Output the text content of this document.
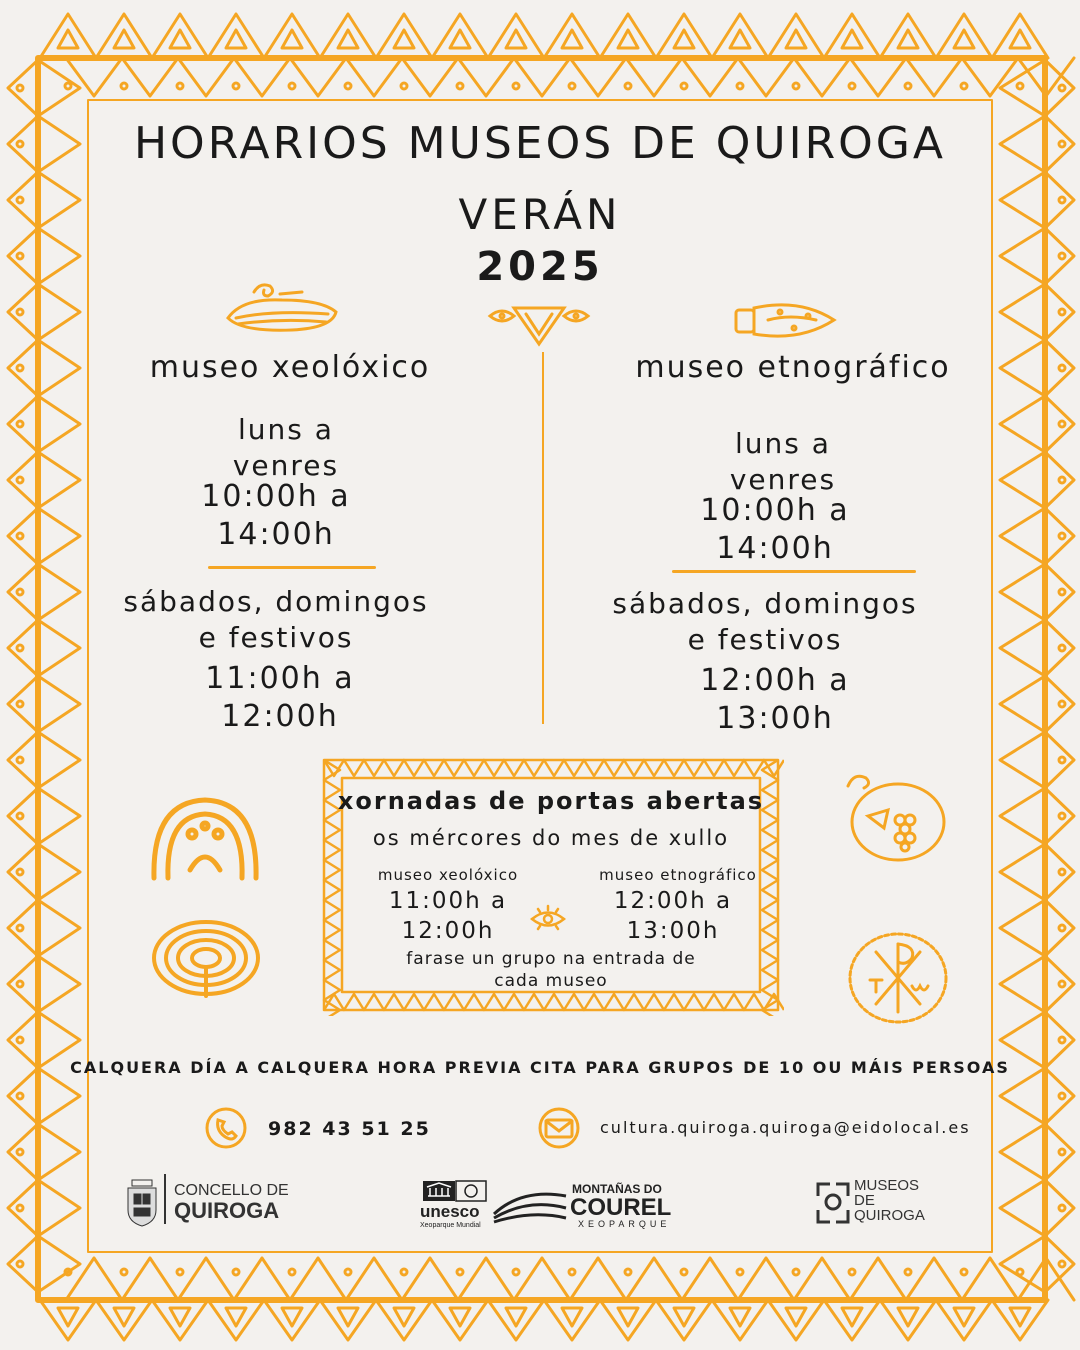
HORARIOS MUSEOS DE QUIROGA
VERÁN
2025
museo xeolóxico
luns a
venres
10:00h a
14:00h
sábados, domingos
e festivos
11:00h a
12:00h
museo etnográfico
luns a
venres
10:00h a
14:00h
sábados, domingos
e festivos
12:00h a
13:00h
xornadas de portas abertas
os mércores do mes de xullo
museo xeolóxico
11:00h a
12:00h
museo etnográfico
12:00h a
13:00h
farase un grupo na entrada de
cada museo
CALQUERA DÍA A CALQUERA HORA PREVIA CITA PARA GRUPOS DE 10 OU MÁIS PERSOAS
982 43 51 25	cultura.quiroga.quiroga@eidolocal.es
CONCELLO DE
QUIROGA	unesco
Xeoparque Mundial
MONTAÑAS DO
COUREL
XEOPARQUE
MUSEOS
DE
QUIROGA
